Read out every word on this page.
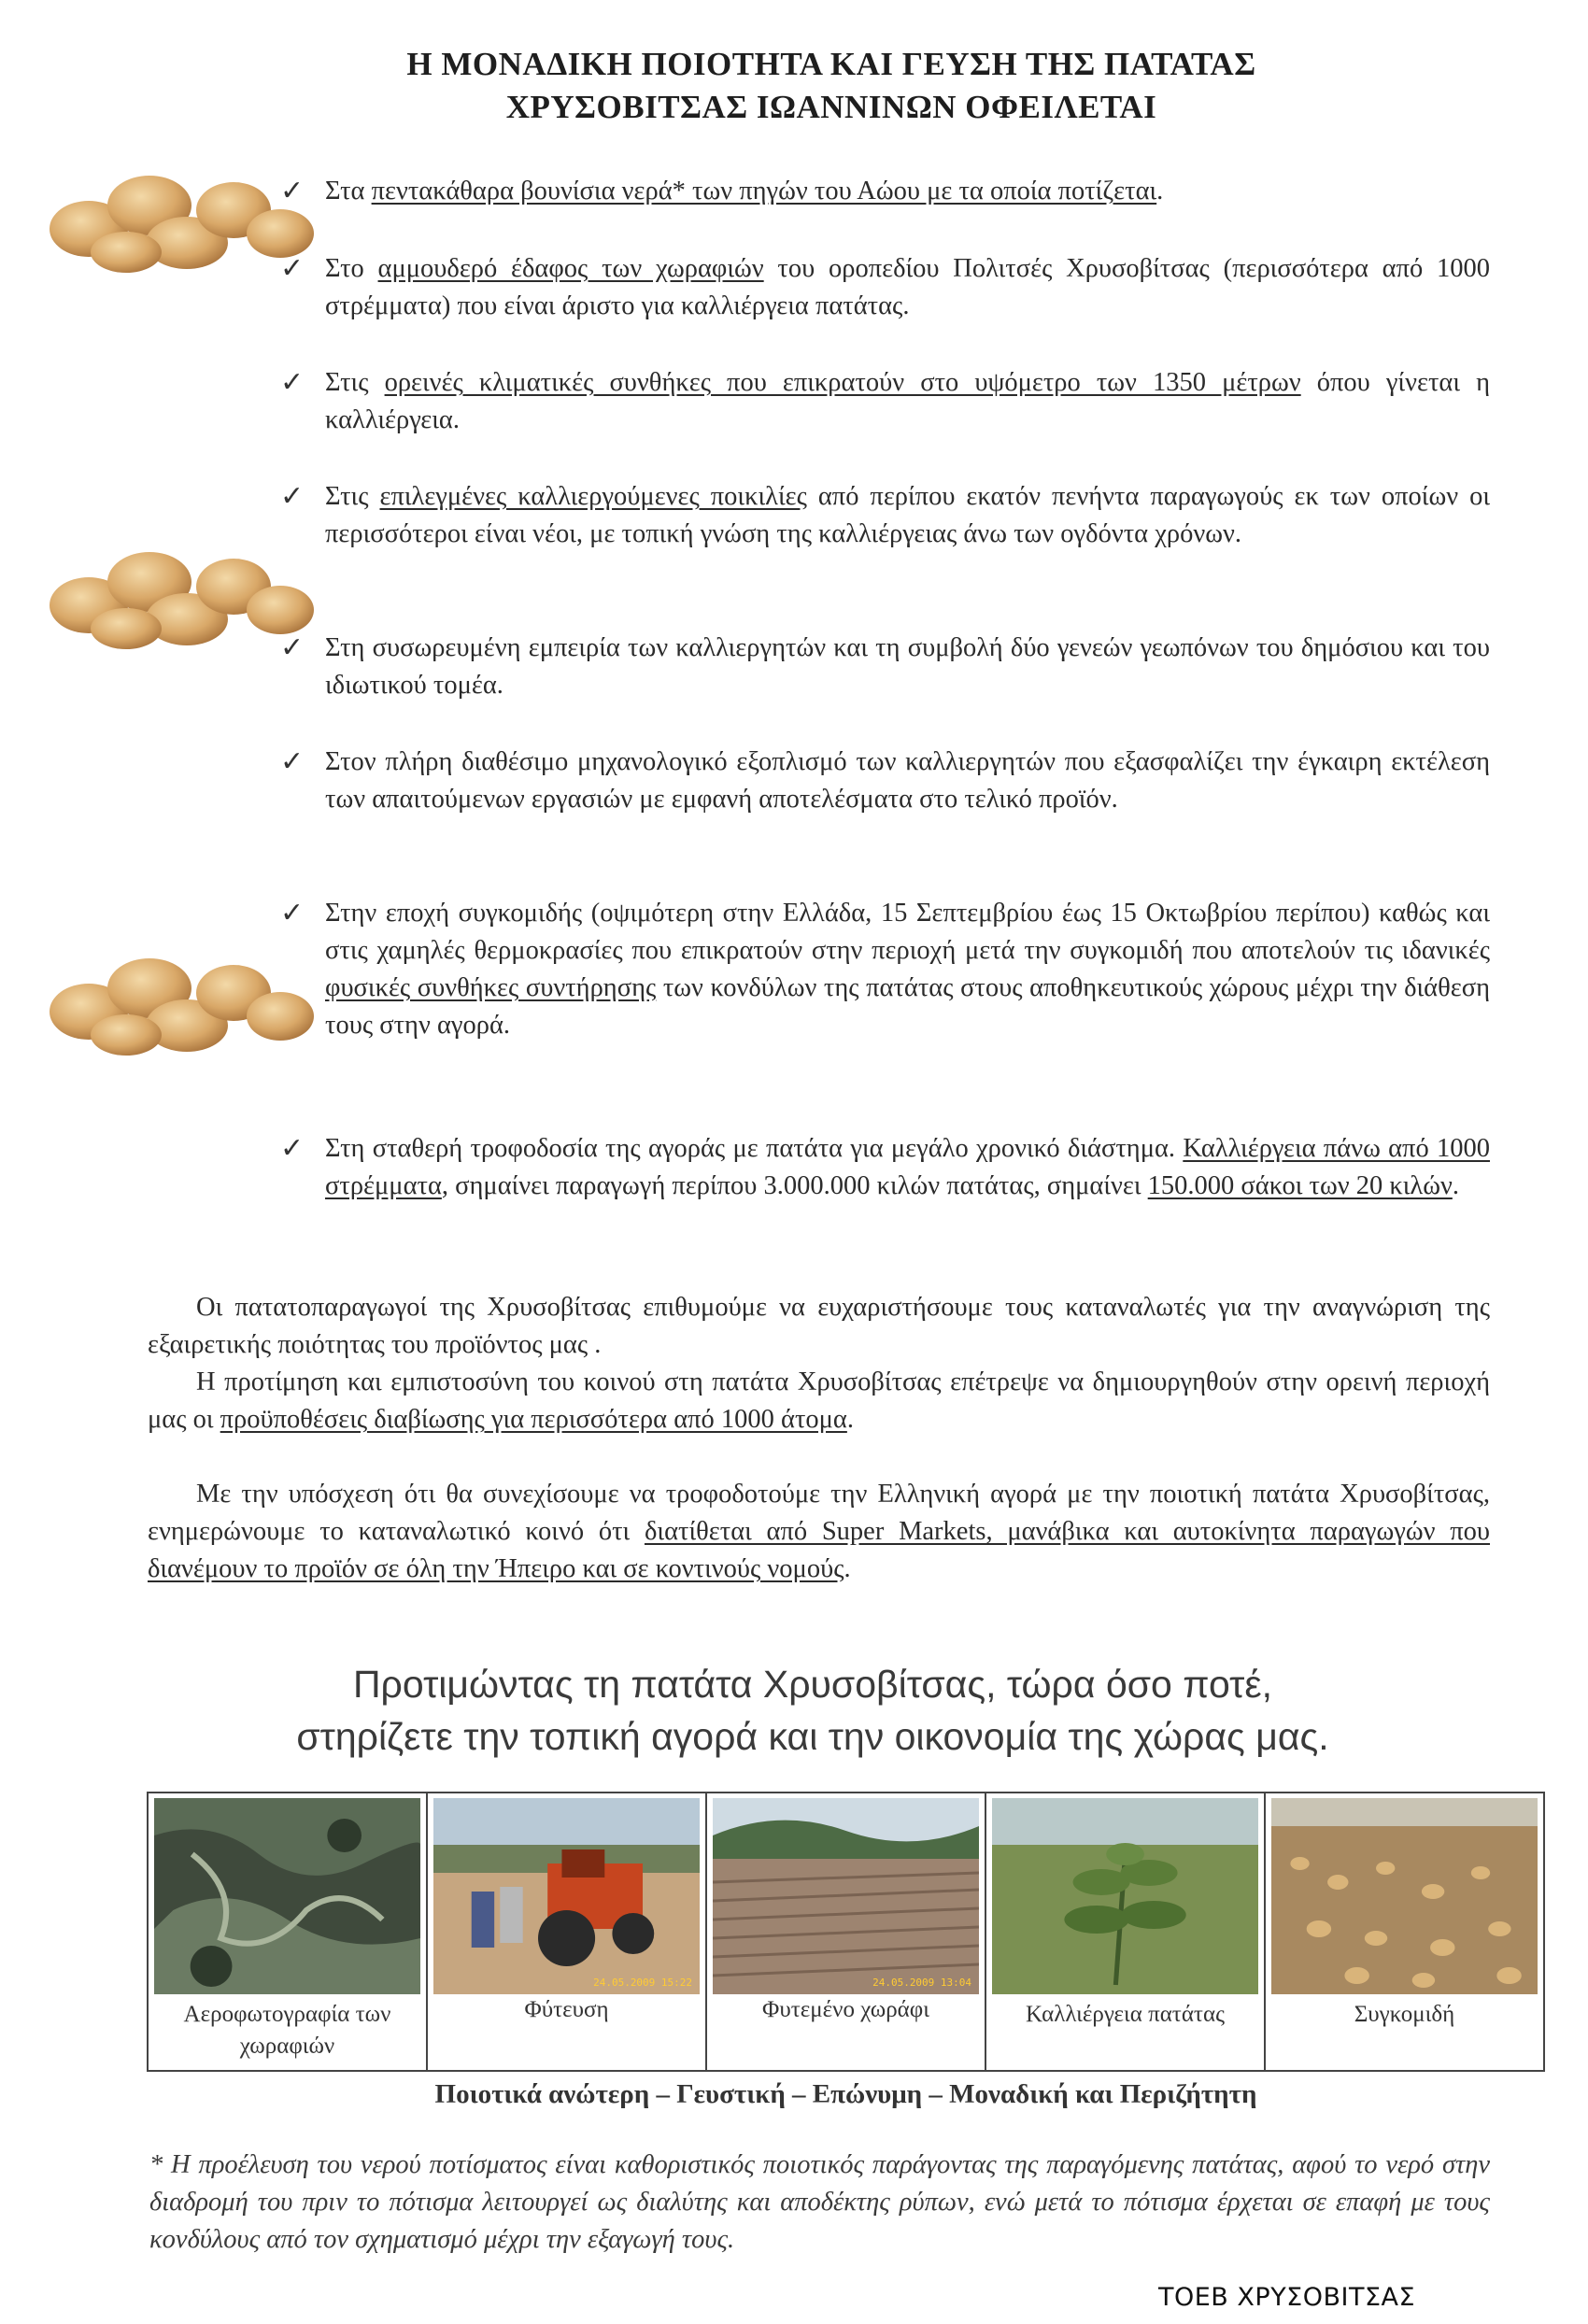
Η ΜΟΝΑΔΙΚΗ ΠΟΙΟΤΗΤΑ ΚΑΙ ΓΕΥΣΗ ΤΗΣ ΠΑΤΑΤΑΣ
ΧΡΥΣΟΒΙΤΣΑΣ ΙΩΑΝΝΙΝΩΝ ΟΦΕΙΛΕΤΑΙ
✓ Στα πεντακάθαρα βουνίσια νερά* των πηγών του Αώου με τα οποία ποτίζεται.
✓ Στο αμμουδερό έδαφος των χωραφιών του οροπεδίου Πολιτσές Χρυσοβίτσας (περισσότερα από 1000 στρέμματα) που είναι άριστο για καλλιέργεια πατάτας.
✓ Στις ορεινές κλιματικές συνθήκες που επικρατούν στο υψόμετρο των 1350 μέτρων όπου γίνεται η καλλιέργεια.
✓ Στις επιλεγμένες καλλιεργούμενες ποικιλίες από περίπου εκατόν πενήντα παραγωγούς εκ των οποίων οι περισσότεροι είναι νέοι, με τοπική γνώση της καλλιέργειας άνω των ογδόντα χρόνων.
✓ Στη συσωρευμένη εμπειρία των καλλιεργητών και τη συμβολή δύο γενεών γεωπόνων του δημόσιου και του ιδιωτικού τομέα.
✓ Στον πλήρη διαθέσιμο μηχανολογικό εξοπλισμό των καλλιεργητών που εξασφαλίζει την έγκαιρη εκτέλεση των απαιτούμενων εργασιών με εμφανή αποτελέσματα στο τελικό προϊόν.
✓ Στην εποχή συγκομιδής (οψιμότερη στην Ελλάδα, 15 Σεπτεμβρίου έως 15 Οκτωβρίου περίπου) καθώς και στις χαμηλές θερμοκρασίες που επικρατούν στην περιοχή μετά την συγκομιδή που αποτελούν τις ιδανικές φυσικές συνθήκες συντήρησης των κονδύλων της πατάτας στους αποθηκευτικούς χώρους μέχρι την διάθεση τους στην αγορά.
✓ Στη σταθερή τροφοδοσία της αγοράς με πατάτα για μεγάλο χρονικό διάστημα. Καλλιέργεια πάνω από 1000 στρέμματα, σημαίνει παραγωγή περίπου 3.000.000 κιλών πατάτας, σημαίνει 150.000 σάκοι των 20 κιλών.
Οι πατατοπαραγωγοί της Χρυσοβίτσας επιθυμούμε να ευχαριστήσουμε τους καταναλωτές για την αναγνώριση της εξαιρετικής ποιότητας του προϊόντος μας .
Η προτίμηση και εμπιστοσύνη του κοινού στη πατάτα Χρυσοβίτσας επέτρεψε να δημιουργηθούν στην ορεινή περιοχή μας οι προϋποθέσεις διαβίωσης για περισσότερα από 1000 άτομα.
Με την υπόσχεση ότι θα συνεχίσουμε να τροφοδοτούμε την Ελληνική αγορά με την ποιοτική πατάτα Χρυσοβίτσας, ενημερώνουμε το καταναλωτικό κοινό ότι διατίθεται από Super Markets, μανάβικα και αυτοκίνητα παραγωγών που διανέμουν το προϊόν σε όλη την Ήπειρο και σε κοντινούς νομούς.
Προτιμώντας τη πατάτα Χρυσοβίτσας, τώρα όσο ποτέ,
στηρίζετε την τοπική αγορά και την οικονομία της χώρας μας.
Αεροφωτογραφία των χωραφιών

24.05.2009 15:22
Φύτευση

24.05.2009 13:04
Φυτεμένο χωράφι	Καλλιέργεια πατάτας	Συγκομιδή
Ποιοτικά ανώτερη – Γευστική – Επώνυμη – Μοναδική και Περιζήτητη
* Η προέλευση του νερού ποτίσματος είναι καθοριστικός ποιοτικός παράγοντας της παραγόμενης πατάτας, αφού το νερό στην διαδρομή του πριν το πότισμα λειτουργεί ως διαλύτης και αποδέκτης ρύπων, ενώ μετά το πότισμα έρχεται σε επαφή με τους κονδύλους από τον σχηματισμό μέχρι την εξαγωγή τους.
ΤΟΕΒ ΧΡΥΣΟΒΙΤΣΑΣ
